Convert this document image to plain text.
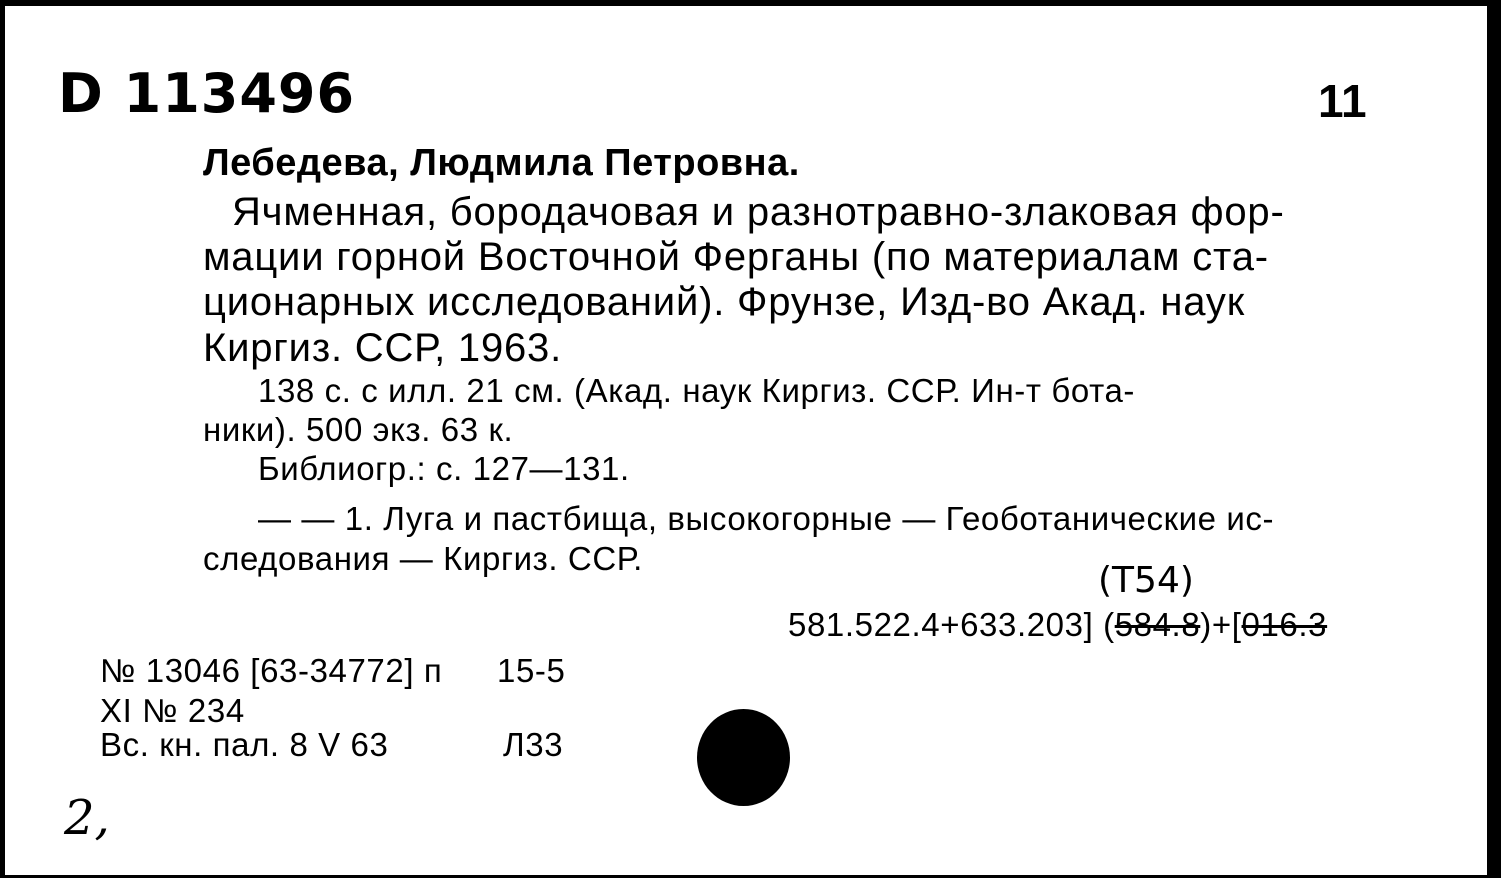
D 113496	11
Лебедева, Людмила Петровна.
Ячменная, бородачовая и разнотравно-злаковая фор-
мации горной Восточной Ферганы (по материалам ста-
ционарных исследований). Фрунзе, Изд-во Акад. наук
Киргиз. ССР, 1963.
138 с. с илл. 21 см. (Акад. наук Киргиз. ССР. Ин-т бота-
ники). 500 экз. 63 к.
Библиогр.: с. 127—131.
— — 1. Луга и пастбища, высокогорные — Геоботанические ис-
следования — Киргиз. ССР.
(Т54)
581.522.4+633.203] (584.8)+[016.3
№ 13046 [63-34772] п 15-5
XI № 234
Вс. кн. пал. 8 V 63	Л33
2,
